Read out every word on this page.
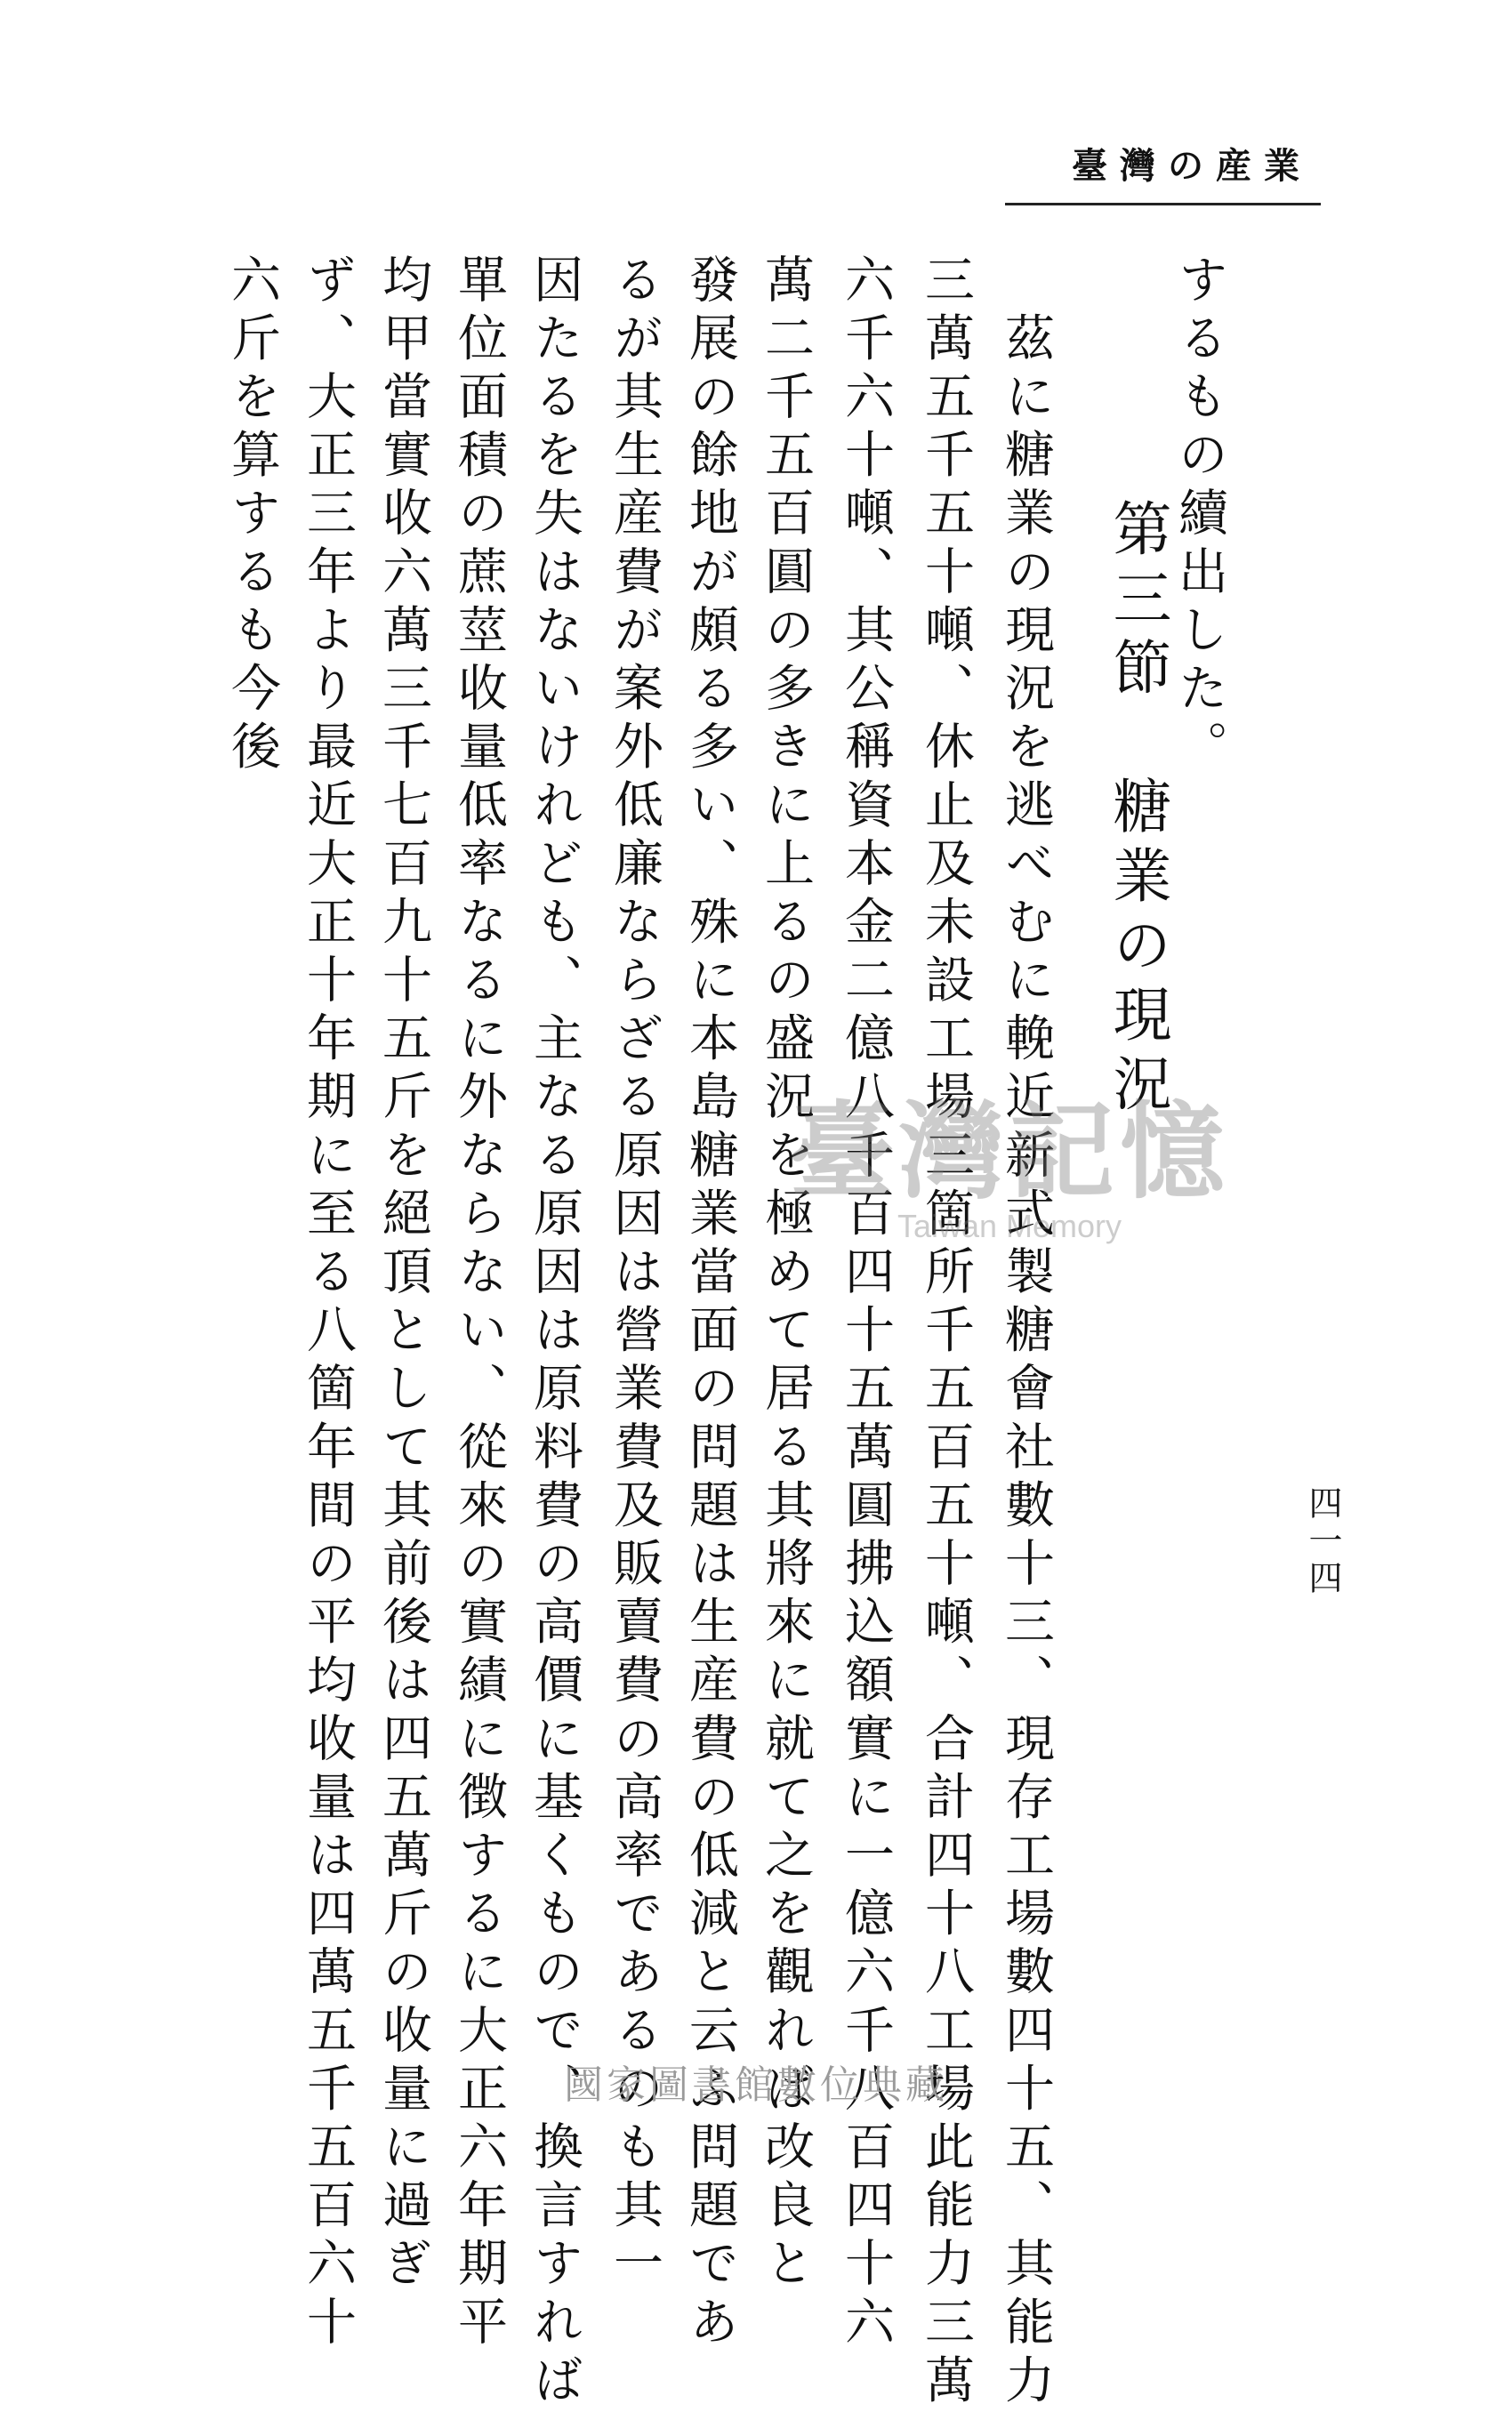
臺灣の産業
四一四
するもの續出した。
第三節　糖業の現況
　茲に糖業の現況を逃べむに輓近新式製糖會社數十三、現存工場數四十五、其能力
三萬五千五十噸、休止及未設工場三箇所千五百五十噸、合計四十八工場此能力三萬
六千六十噸、其公稱資本金二億八千百四十五萬圓拂込額實に一億六千八百四十六
萬二千五百圓の多きに上るの盛況を極めて居る其將來に就て之を觀れば改良と
發展の餘地が頗る多い、殊に本島糖業當面の問題は生産費の低減と云ふ問題であ
るが其生産費が案外低廉ならざる原因は營業費及販賣費の高率であるのも其一
因たるを失はないけれども、主なる原因は原料費の高價に基くもので、換言すれば
單位面積の蔗莖收量低率なるに外ならない、從來の實績に徴するに大正六年期平
均甲當實收六萬三千七百九十五斤を絕頂として其前後は四五萬斤の收量に過ぎ
ず、大正三年より最近大正十年期に至る八箇年間の平均收量は四萬五千五百六十
六斤を算するも今後
臺灣記憶
Taiwan Memory
國家圖書館數位典藏
